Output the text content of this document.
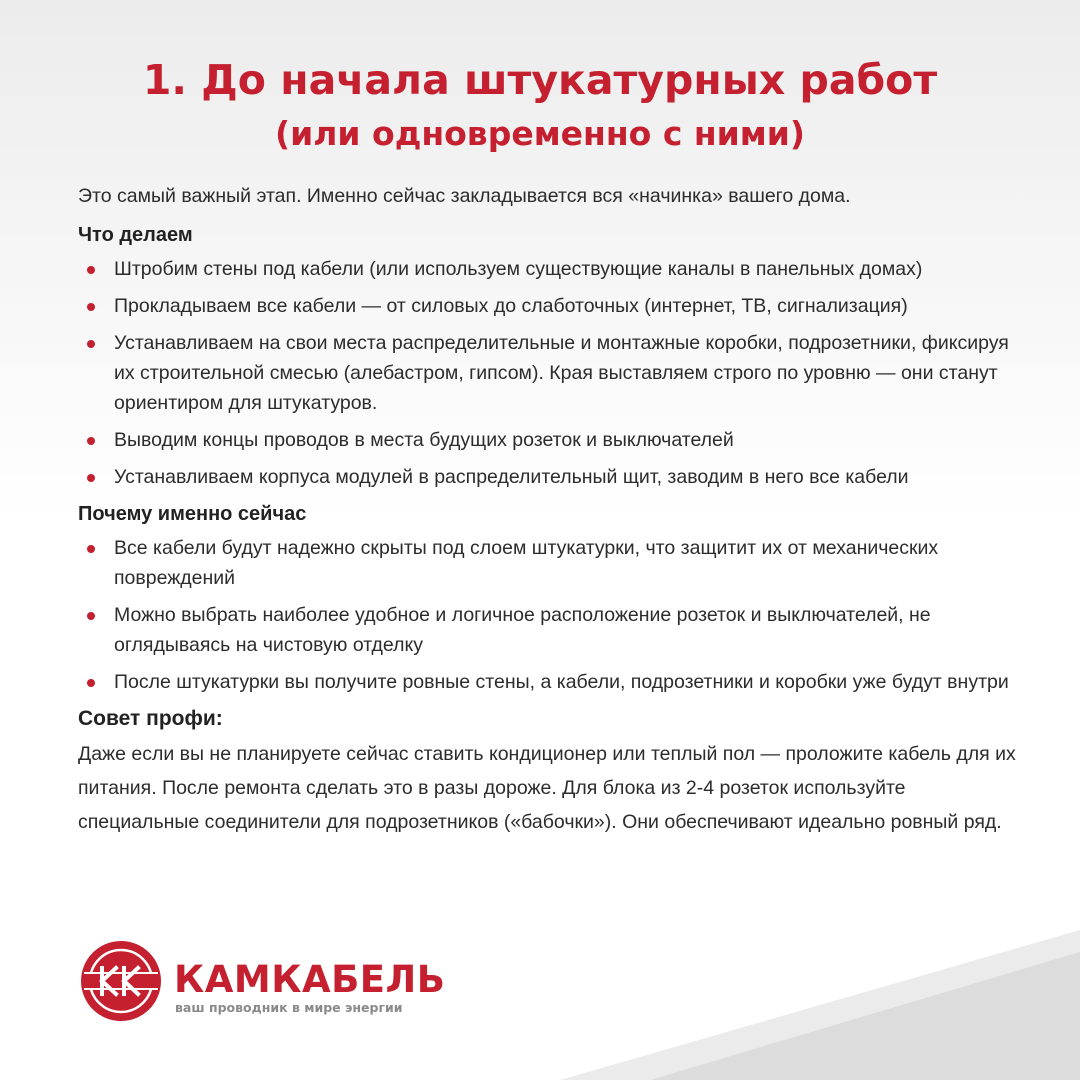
1. До начала штукатурных работ
(или одновременно с ними)

Это самый важный этап. Именно сейчас закладывается вся «начинка» вашего дома.

Что делаем

Штробим стены под кабели (или используем существующие каналы в панельных домах)
Прокладываем все кабели — от силовых до слаботочных (интернет, ТВ, сигнализация)
Устанавливаем на свои места распределительные и монтажные коробки, подрозетники, фиксируя их строительной смесью (алебастром, гипсом). Края выставляем строго по уровню — они станут ориентиром для штукатуров.
Выводим концы проводов в места будущих розеток и выключателей
Устанавливаем корпуса модулей в распределительный щит, заводим в него все кабели

Почему именно сейчас

Все кабели будут надежно скрыты под слоем штукатурки, что защитит их от механических повреждений
Можно выбрать наиболее удобное и логичное расположение розеток и выключателей, не оглядываясь на чистовую отделку
После штукатурки вы получите ровные стены, а кабели, подрозетники и коробки уже будут внутри

Совет профи:

Даже если вы не планируете сейчас ставить кондиционер или теплый пол — проложите кабель для их питания. После ремонта сделать это в разы дороже. Для блока из 2-4 розеток используйте специальные соединители для подрозетников («бабочки»). Они обеспечивают идеально ровный ряд.

КАМКАБЕЛЬ
ваш проводник в мире энергии
